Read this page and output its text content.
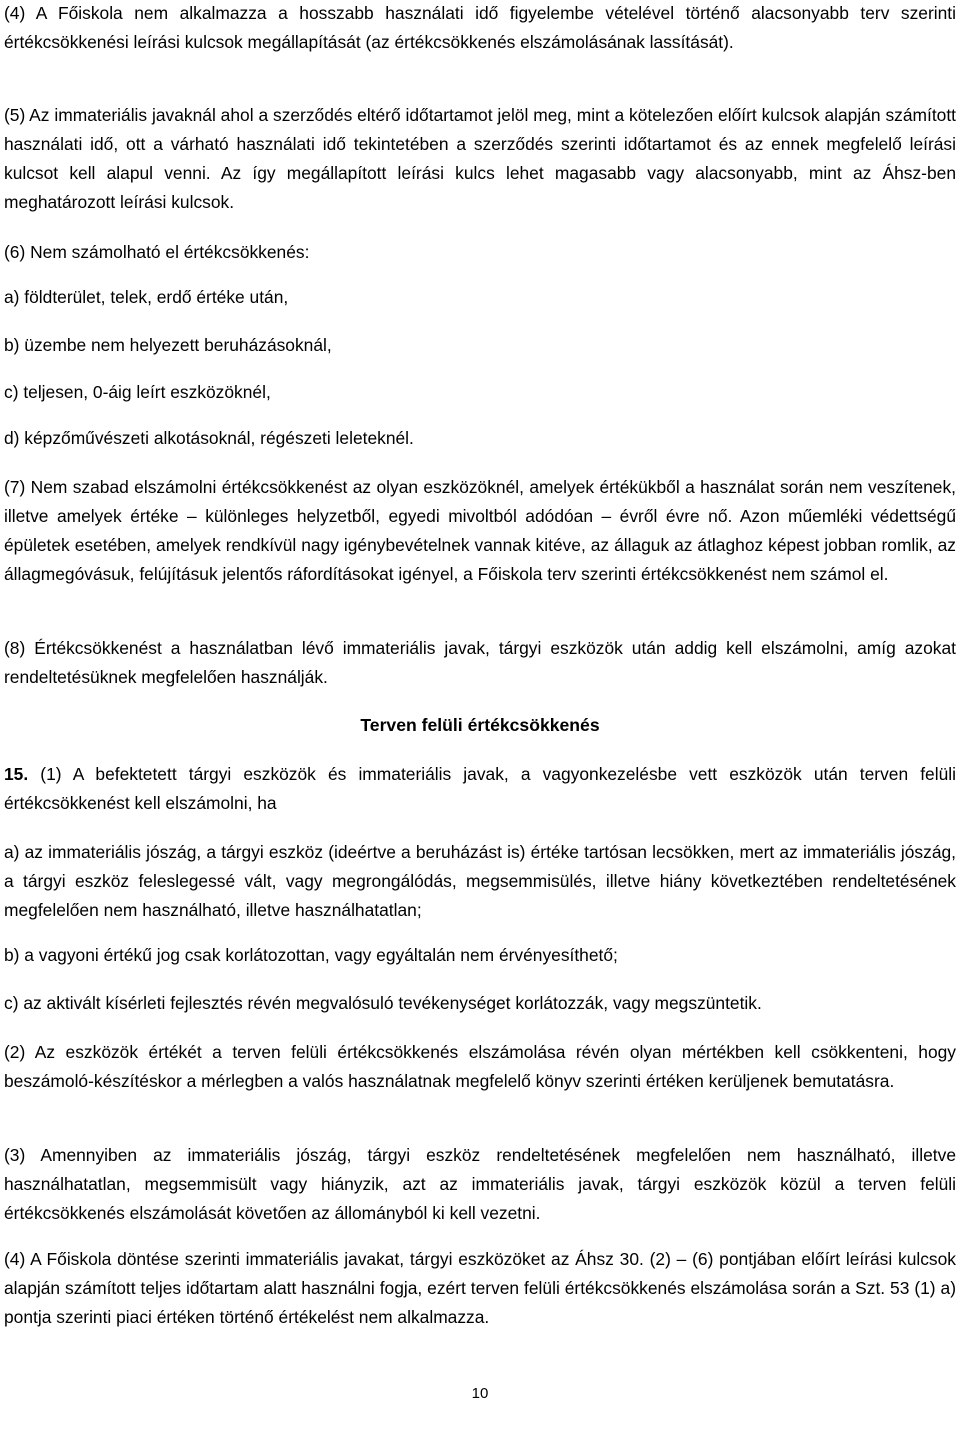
(4) A Főiskola nem alkalmazza a hosszabb használati idő figyelembe vételével történő alacsonyabb terv szerinti értékcsökkenési leírási kulcsok megállapítását (az értékcsökkenés elszámolásának lassítását).

(5) Az immateriális javaknál ahol a szerződés eltérő időtartamot jelöl meg, mint a kötelezően előírt kulcsok alapján számított használati idő, ott a várható használati idő tekintetében a szerződés szerinti időtartamot és az ennek megfelelő leírási kulcsot kell alapul venni. Az így megállapított leírási kulcs lehet magasabb vagy alacsonyabb, mint az Áhsz-ben meghatározott leírási kulcsok.

(6) Nem számolható el értékcsökkenés:

a) földterület, telek, erdő értéke után,

b) üzembe nem helyezett beruházásoknál,

c) teljesen, 0-áig leírt eszközöknél,

d) képzőművészeti alkotásoknál, régészeti leleteknél.

(7) Nem szabad elszámolni értékcsökkenést az olyan eszközöknél, amelyek értékükből a használat során nem veszítenek, illetve amelyek értéke – különleges helyzetből, egyedi mivoltból adódóan – évről évre nő. Azon műemléki védettségű épületek esetében, amelyek rendkívül nagy igénybevételnek vannak kitéve, az állaguk az átlaghoz képest jobban romlik, az állagmegóvásuk, felújításuk jelentős ráfordításokat igényel, a Főiskola terv szerinti értékcsökkenést nem számol el.

(8) Értékcsökkenést a használatban lévő immateriális javak, tárgyi eszközök után addig kell elszámolni, amíg azokat rendeltetésüknek megfelelően használják.

Terven felüli értékcsökkenés

15. (1) A befektetett tárgyi eszközök és immateriális javak, a vagyonkezelésbe vett eszközök után terven felüli értékcsökkenést kell elszámolni, ha

a) az immateriális jószág, a tárgyi eszköz (ideértve a beruházást is) értéke tartósan lecsökken, mert az immateriális jószág, a tárgyi eszköz feleslegessé vált, vagy megrongálódás, megsemmisülés, illetve hiány következtében rendeltetésének megfelelően nem használható, illetve használhatatlan;

b) a vagyoni értékű jog csak korlátozottan, vagy egyáltalán nem érvényesíthető;

c) az aktivált kísérleti fejlesztés révén megvalósuló tevékenységet korlátozzák, vagy megszüntetik.

(2) Az eszközök értékét a terven felüli értékcsökkenés elszámolása révén olyan mértékben kell csökkenteni, hogy beszámoló-készítéskor a mérlegben a valós használatnak megfelelő könyv szerinti értéken kerüljenek bemutatásra.

(3) Amennyiben az immateriális jószág, tárgyi eszköz rendeltetésének megfelelően nem használható, illetve használhatatlan, megsemmisült vagy hiányzik, azt az immateriális javak, tárgyi eszközök közül a terven felüli értékcsökkenés elszámolását követően az állományból ki kell vezetni.

(4) A Főiskola döntése szerinti immateriális javakat, tárgyi eszközöket az Áhsz 30. (2) – (6) pontjában előírt leírási kulcsok alapján számított teljes időtartam alatt használni fogja, ezért terven felüli értékcsökkenés elszámolása során a Szt. 53 (1) a) pontja szerinti piaci értéken történő értékelést nem alkalmazza.

10
